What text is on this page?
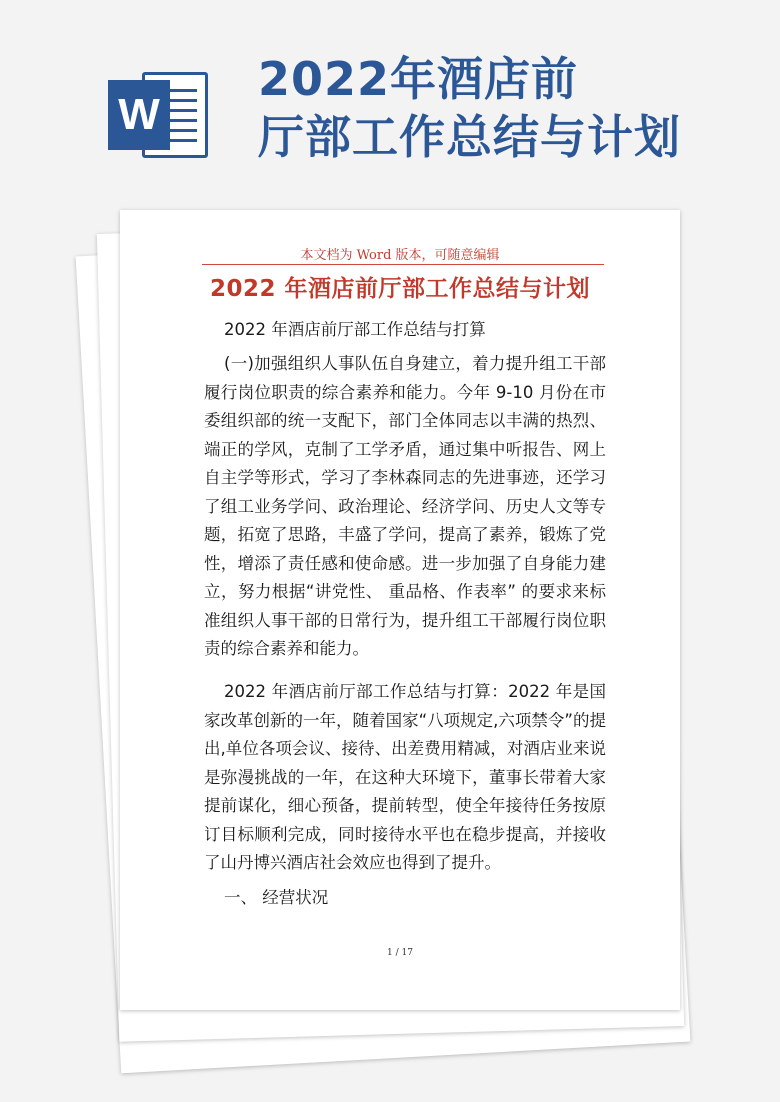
W
2022年酒店前
厅部工作总结与计划
本文档为 Word 版本，可随意编辑
2022 年酒店前厅部工作总结与计划

2022 年酒店前厅部工作总结与打算

(一)加强组织人事队伍自身建立，着力提升组工干部履行岗位职责的综合素养和能力。今年 9-10 月份在市委组织部的统一支配下，部门全体同志以丰满的热烈、端正的学风，克制了工学矛盾，通过集中听报告、网上自主学等形式，学习了李林森同志的先进事迹，还学习了组工业务学问、政治理论、经济学问、历史人文等专题，拓宽了思路，丰盛了学问，提高了素养，锻炼了党性，增添了责任感和使命感。进一步加强了自身能力建立，努力根据“讲党性、 重品格、作表率” 的要求来标准组织人事干部的日常行为，提升组工干部履行岗位职责的综合素养和能力。

2022 年酒店前厅部工作总结与打算：2022 年是国家改革创新的一年，随着国家“八项规定,六项禁令”的提出,单位各项会议、接待、出差费用精减，对酒店业来说是弥漫挑战的一年，在这种大环境下，董事长带着大家提前谋化，细心预备，提前转型，使全年接待任务按原订目标顺利完成，同时接待水平也在稳步提高，并接收了山丹博兴酒店社会效应也得到了提升。

一、 经营状况

1 / 17
